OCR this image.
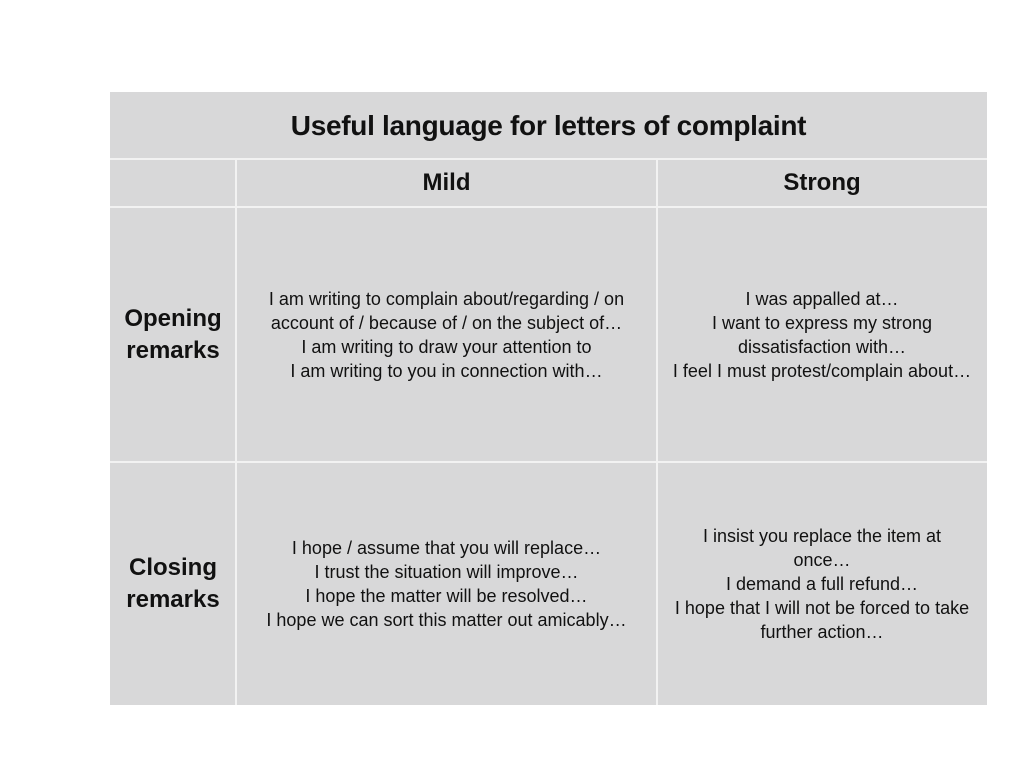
Useful language for letters of complaint
Mild	Strong
Opening
remarks
I am writing to complain about/regarding / on
account of / because of / on the subject of…
I am writing to draw your attention to
I am writing to you in connection with…
I was appalled at…
I want to express my strong
dissatisfaction with…
I feel I must protest/complain about…
Closing
remarks
I hope / assume that you will replace…
I trust the situation will improve…
I hope the matter will be resolved…
I hope we can sort this matter out amicably…
I insist you replace the item at
once…
I demand a full refund…
I hope that I will not be forced to take
further action…
